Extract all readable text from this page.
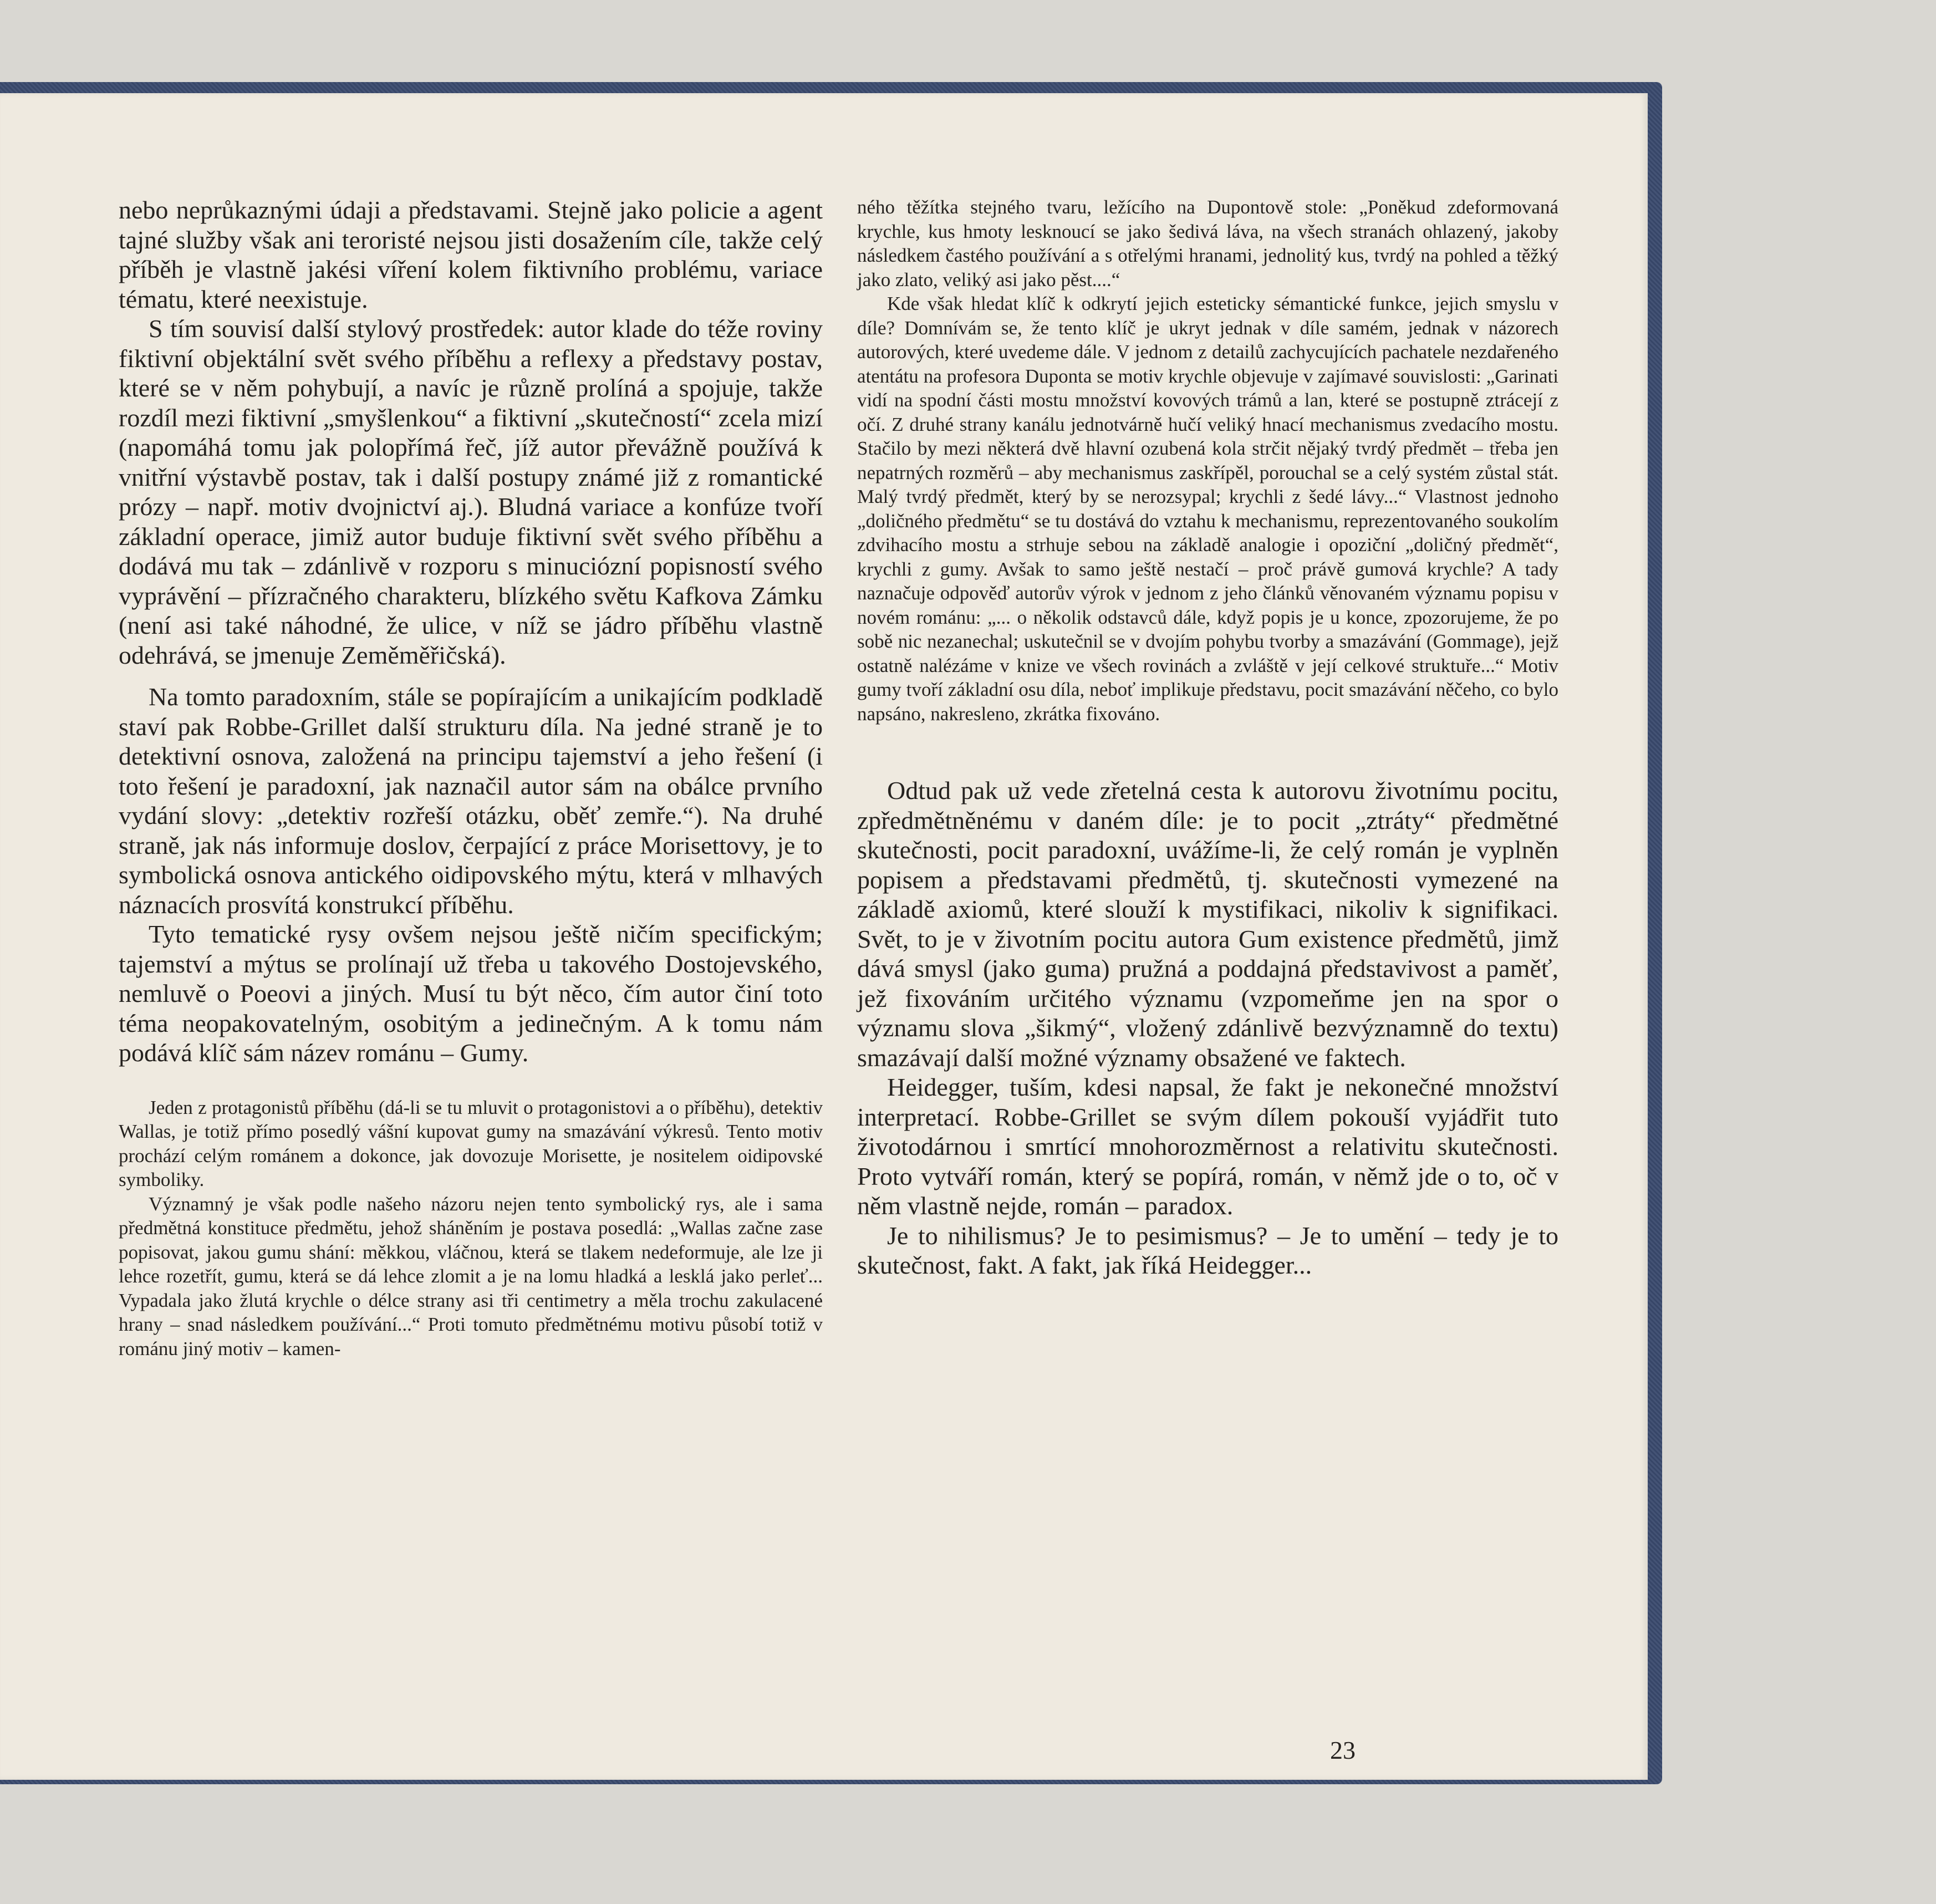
nebo neprůkaznými údaji a představami. Stejně jako policie a agent tajné služby však ani teroristé nejsou jisti dosažením cíle, takže celý příběh je vlastně jakési víření kolem fiktivního problému, variace tématu, které neexistuje.

S tím souvisí další stylový prostředek: autor klade do téže roviny fiktivní objektální svět svého příběhu a reflexy a představy postav, které se v něm pohybují, a navíc je různě prolíná a spojuje, takže rozdíl mezi fiktivní „smyšlenkou“ a fiktivní „skutečností“ zcela mizí (napomáhá tomu jak polopřímá řeč, jíž autor převážně používá k vnitřní výstavbě postav, tak i další postupy známé již z romantické prózy – např. motiv dvojnictví aj.). Bludná variace a konfúze tvoří základní operace, jimiž autor buduje fiktivní svět svého příběhu a dodává mu tak – zdánlivě v rozporu s minuciózní popisností svého vyprávění – přízračného charakteru, blízkého světu Kafkova Zámku (není asi také náhodné, že ulice, v níž se jádro příběhu vlastně odehrává, se jmenuje Zeměměřičská).

Na tomto paradoxním, stále se popírajícím a unikajícím podkladě staví pak Robbe-Grillet další strukturu díla. Na jedné straně je to detektivní osnova, založená na principu tajemství a jeho řešení (i toto řešení je paradoxní, jak naznačil autor sám na obálce prvního vydání slovy: „detektiv rozřeší otázku, oběť zemře.“). Na druhé straně, jak nás informuje doslov, čerpající z práce Morisettovy, je to symbolická osnova antického oidipovského mýtu, která v mlhavých náznacích prosvítá konstrukcí příběhu.

Tyto tematické rysy ovšem nejsou ještě ničím specifickým; tajemství a mýtus se prolínají už třeba u takového Dostojevského, nemluvě o Poeovi a jiných. Musí tu být něco, čím autor činí toto téma neopakovatelným, osobitým a jedinečným. A k tomu nám podává klíč sám název románu – Gumy.

Jeden z protagonistů příběhu (dá-li se tu mluvit o protagonistovi a o příběhu), detektiv Wallas, je totiž přímo posedlý vášní kupovat gumy na smazávání výkresů. Tento motiv prochází celým románem a dokonce, jak dovozuje Morisette, je nositelem oidipovské symboliky.

Významný je však podle našeho názoru nejen tento symbolický rys, ale i sama předmětná konstituce předmětu, jehož sháněním je postava posedlá: „Wallas začne zase popisovat, jakou gumu shání: měkkou, vláčnou, která se tlakem nedeformuje, ale lze ji lehce rozetřít, gumu, která se dá lehce zlomit a je na lomu hladká a lesklá jako perleť... Vypadala jako žlutá krychle o délce strany asi tři centimetry a měla trochu zakulacené hrany – snad následkem používání...“ Proti tomuto předmětnému motivu působí totiž v románu jiný motiv – kamen-

ného těžítka stejného tvaru, ležícího na Dupontově stole: „Poněkud zdeformovaná krychle, kus hmoty lesknoucí se jako šedivá láva, na všech stranách ohlazený, jakoby následkem častého používání a s otřelými hranami, jednolitý kus, tvrdý na pohled a těžký jako zlato, veliký asi jako pěst....“

Kde však hledat klíč k odkrytí jejich esteticky sémantické funkce, jejich smyslu v díle? Domnívám se, že tento klíč je ukryt jednak v díle samém, jednak v názorech autorových, které uvedeme dále. V jednom z detailů zachycujících pachatele nezdařeného atentátu na profesora Duponta se motiv krychle objevuje v zajímavé souvislosti: „Garinati vidí na spodní části mostu množství kovových trámů a lan, které se postupně ztrácejí z očí. Z druhé strany kanálu jednotvárně hučí veliký hnací mechanismus zvedacího mostu. Stačilo by mezi některá dvě hlavní ozubená kola strčit nějaký tvrdý předmět – třeba jen nepatrných rozměrů – aby mechanismus zaskřípěl, porouchal se a celý systém zůstal stát. Malý tvrdý předmět, který by se nerozsypal; krychli z šedé lávy...“ Vlastnost jednoho „doličného předmětu“ se tu dostává do vztahu k mechanismu, reprezentovaného soukolím zdvihacího mostu a strhuje sebou na základě analogie i opoziční „doličný předmět“, krychli z gumy. Avšak to samo ještě nestačí – proč právě gumová krychle? A tady naznačuje odpověď autorův výrok v jednom z jeho článků věnovaném významu popisu v novém románu: „... o několik odstavců dále, když popis je u konce, zpozorujeme, že po sobě nic nezanechal; uskutečnil se v dvojím pohybu tvorby a smazávání (Gommage), jejž ostatně nalézáme v knize ve všech rovinách a zvláště v její celkové struktuře...“ Motiv gumy tvoří základní osu díla, neboť implikuje představu, pocit smazávání něčeho, co bylo napsáno, nakresleno, zkrátka fixováno.

Odtud pak už vede zřetelná cesta k autorovu životnímu pocitu, zpředmětněnému v daném díle: je to pocit „ztráty“ předmětné skutečnosti, pocit paradoxní, uvážíme-li, že celý román je vyplněn popisem a představami předmětů, tj. skutečnosti vymezené na základě axiomů, které slouží k mystifikaci, nikoliv k signifikaci. Svět, to je v životním pocitu autora Gum existence předmětů, jimž dává smysl (jako guma) pružná a poddajná představivost a paměť, jež fixováním určitého významu (vzpomeňme jen na spor o významu slova „šikmý“, vložený zdánlivě bezvýznamně do textu) smazávají další možné významy obsažené ve faktech.

Heidegger, tuším, kdesi napsal, že fakt je nekonečné množství interpretací. Robbe-Grillet se svým dílem pokouší vyjádřit tuto životodárnou i smrtící mnohorozměrnost a relativitu skutečnosti. Proto vytváří román, který se popírá, román, v němž jde o to, oč v něm vlastně nejde, román – paradox.

Je to nihilismus? Je to pesimismus? – Je to umění – tedy je to skutečnost, fakt. A fakt, jak říká Heidegger...

23
